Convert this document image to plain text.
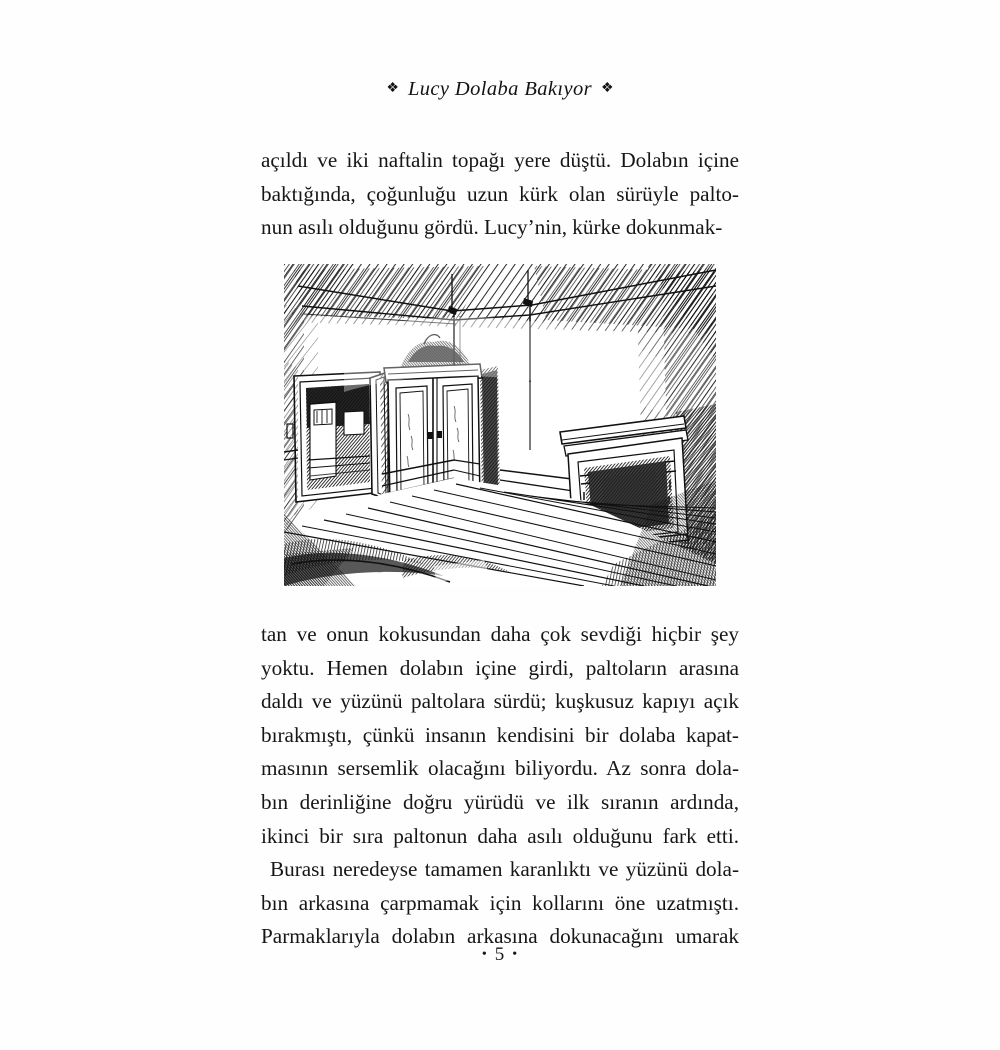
❖ Lucy Dolaba Bakıyor ❖

açıldı ve iki naftalin topağı yere düştü. Dolabın içine
baktığında, çoğunluğu uzun kürk olan sürüyle palto-
nun asılı olduğunu gördü. Lucy’nin, kürke dokunmak-

tan ve onun kokusundan daha çok sevdiği hiçbir şey
yoktu. Hemen dolabın içine girdi, paltoların arasına
daldı ve yüzünü paltolara sürdü; kuşkusuz kapıyı açık
bırakmıştı, çünkü insanın kendisini bir dolaba kapat-
masının sersemlik olacağını biliyordu. Az sonra dola-
bın derinliğine doğru yürüdü ve ilk sıranın ardında,
ikinci bir sıra paltonun daha asılı olduğunu fark etti.

Burası neredeyse tamamen karanlıktı ve yüzünü dola-
bın arkasına çarpmamak için kollarını öne uzatmıştı.
Parmaklarıyla dolabın arkasına dokunacağını umarak

• 5 •
